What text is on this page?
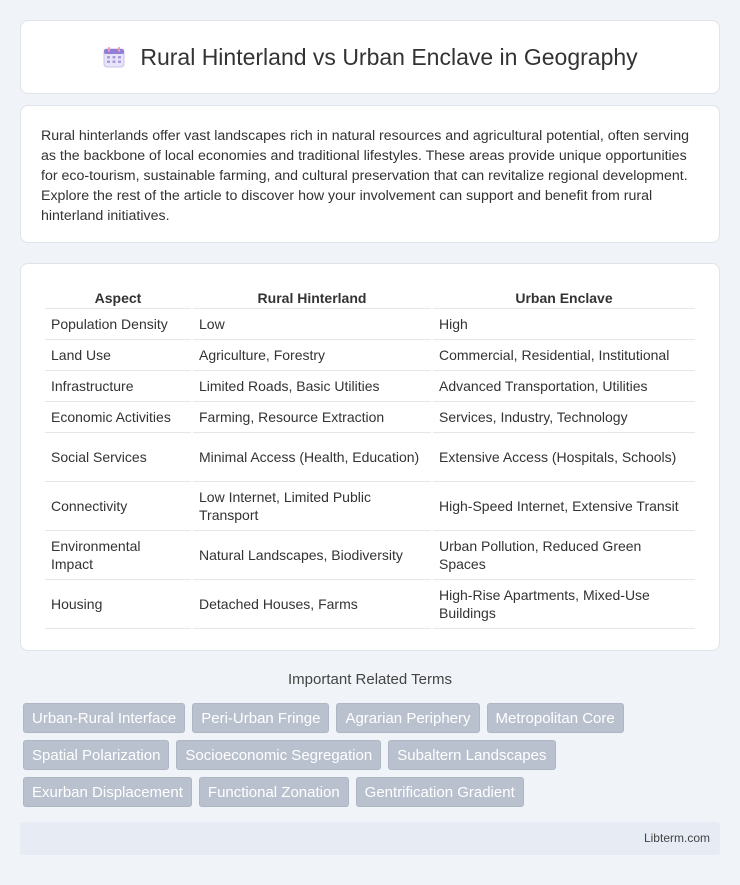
Rural Hinterland vs Urban Enclave in Geography

Rural hinterlands offer vast landscapes rich in natural resources and agricultural potential, often serving as the backbone of local economies and traditional lifestyles. These areas provide unique opportunities for eco-tourism, sustainable farming, and cultural preservation that can revitalize regional development. Explore the rest of the article to discover how your involvement can support and benefit from rural hinterland initiatives.

Aspect	Rural Hinterland	Urban Enclave
Population Density	Low	High
Land Use	Agriculture, Forestry	Commercial, Residential, Institutional
Infrastructure	Limited Roads, Basic Utilities	Advanced Transportation, Utilities
Economic Activities	Farming, Resource Extraction	Services, Industry, Technology
Social Services	Minimal Access (Health, Education)	Extensive Access (Hospitals, Schools)
Connectivity	Low Internet, Limited Public Transport	High-Speed Internet, Extensive Transit
Environmental Impact	Natural Landscapes, Biodiversity	Urban Pollution, Reduced Green Spaces
Housing	Detached Houses, Farms	High-Rise Apartments, Mixed-Use Buildings
Important Related Terms
Urban-Rural Interface	Peri-Urban Fringe	Agrarian Periphery	Metropolitan Core
Spatial Polarization	Socioeconomic Segregation	Subaltern Landscapes
Exurban Displacement	Functional Zonation	Gentrification Gradient
Libterm.com
